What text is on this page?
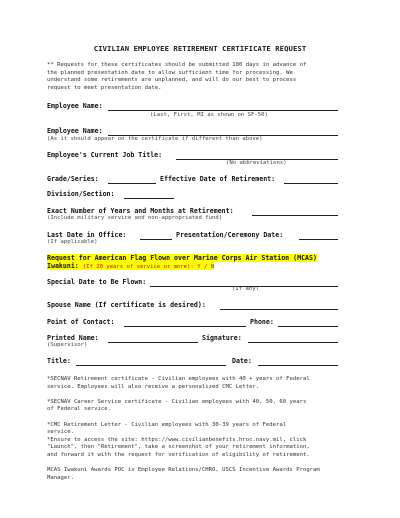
CIVILIAN EMPLOYEE RETIREMENT CERTIFICATE REQUEST
** Requests for these certificates should be submitted 180 days in advance of
the planned presentation date to allow sufficient time for processing. We
understand some retirements are unplanned, and will do our best to process
request to meet presentation date.
Employee Name:
(Last, First, MI as shown on SF-50)
Employee Name:
(As it should appear on the certificate if different than above)
Employee's Current Job Title:
(No abbreviations)
Grade/Series:	Effective Date of Retirement:
Division/Section:
Exact Number of Years and Months at Retirement:
(Include military service and non-appropriated fund)
Last Date in Office:	Presentation/Ceremony Date:
(If applicable)
Request for American Flag Flown over Marine Corps Air Station (MCAS)
Iwakuni: (If 20 years of service or more): Y / N
Special Date to Be Flown:
(If any)
Spouse Name (If certificate is desired):
Point of Contact:	Phone:
Printed Name:	Signature:
(Supervisor)
Title:	Date:
*SECNAV Retirement certificate - Civilian employees with 40 + years of Federal
service. Employees will also receive a personalized CMC Letter.
*SECNAV Career Service certificate - Civilian employees with 40, 50, 60 years
of Federal service.
*CMC Retirement Letter - Civilian employees with 30-39 years of Federal
service.
*Ensure to access the site: https://www.civilianbenefits.hroc.navy.mil, click
"Launch", then "Retirement", take a screenshot of your retirement information,
and forward it with the request for verification of eligibility of retirement.
MCAS Iwakuni Awards POC is Employee Relations/CHRO, USCS Incentive Awards Program
Manager.
